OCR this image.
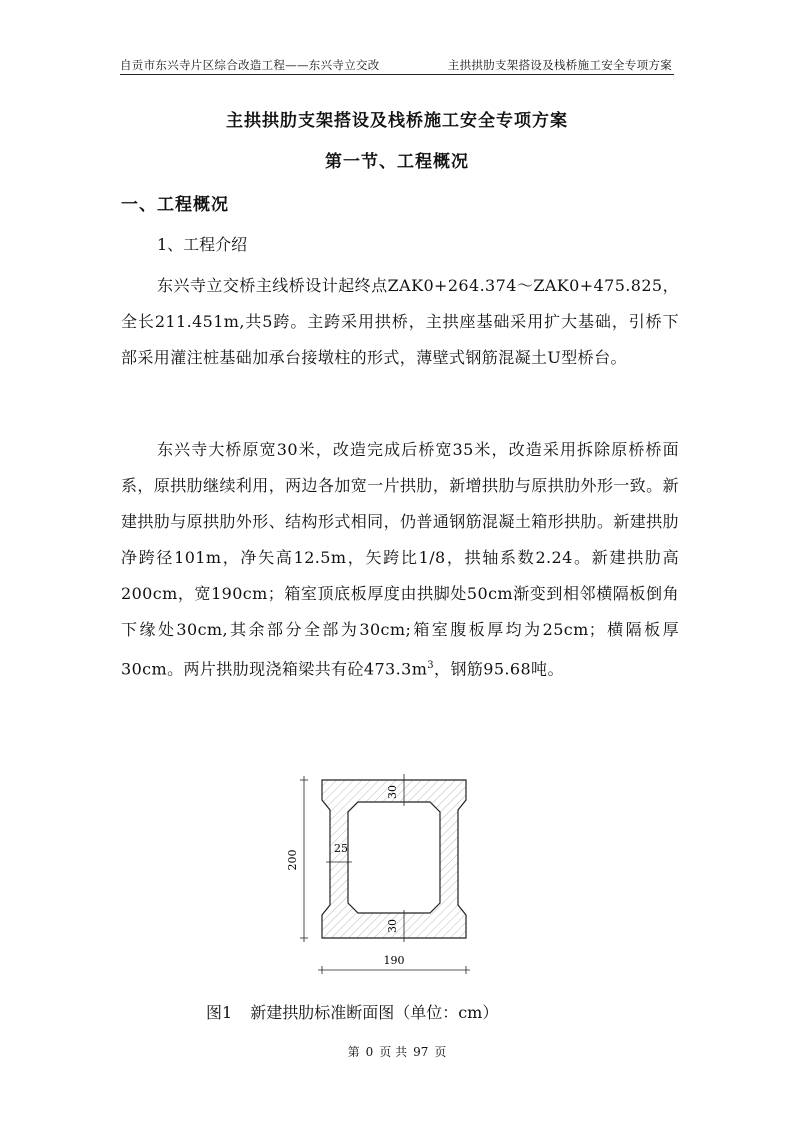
自贡市东兴寺片区综合改造工程——东兴寺立交改	主拱拱肋支架搭设及栈桥施工安全专项方案
主拱拱肋支架搭设及栈桥施工安全专项方案
第一节、工程概况
一、工程概况
1、工程介绍
东兴寺立交桥主线桥设计起终点ZAK0+264.374～ZAK0+475.825，全长211.451m,共5跨。主跨采用拱桥，主拱座基础采用扩大基础，引桥下部采用灌注桩基础加承台接墩柱的形式，薄壁式钢筋混凝土U型桥台。
东兴寺大桥原宽30米，改造完成后桥宽35米，改造采用拆除原桥桥面系，原拱肋继续利用，两边各加宽一片拱肋，新增拱肋与原拱肋外形一致。新建拱肋与原拱肋外形、结构形式相同，仍普通钢筋混凝土箱形拱肋。新建拱肋净跨径101m，净矢高12.5m，矢跨比1/8，拱轴系数2.24。新建拱肋高200cm，宽190cm；箱室顶底板厚度由拱脚处50cm渐变到相邻横隔板倒角下缘处30cm,其余部分全部为30cm;箱室腹板厚均为25cm；横隔板厚30cm。两片拱肋现浇箱梁共有砼$473.3m^3$，钢筋95.68吨。
30
30
25
200
190
图1 新建拱肋标准断面图（单位：cm）
第 0 页 共 97 页
